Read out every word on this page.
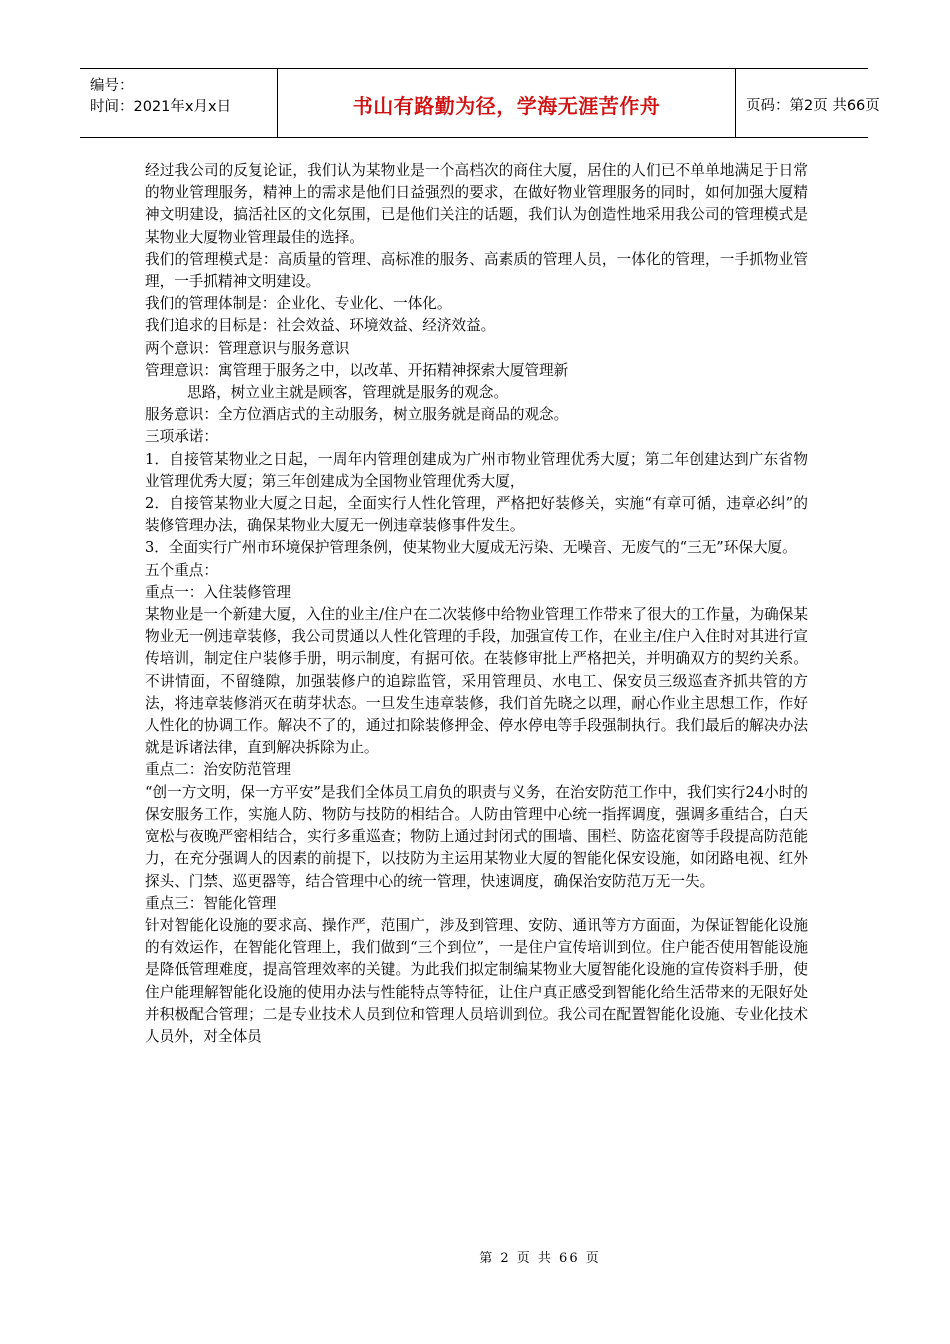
编号：
时间：2021年x月x日	书山有路勤为径，学海无涯苦作舟	页码：第2页 共66页

经过我公司的反复论证，我们认为某物业是一个高档次的商住大厦，居住的人们已不单单地满足于日常的物业管理服务，精神上的需求是他们日益强烈的要求，在做好物业管理服务的同时，如何加强大厦精神文明建设，搞活社区的文化氛围，已是他们关注的话题，我们认为创造性地采用我公司的管理模式是某物业大厦物业管理最佳的选择。

我们的管理模式是：高质量的管理、高标准的服务、高素质的管理人员，一体化的管理，一手抓物业管理，一手抓精神文明建设。

我们的管理体制是：企业化、专业化、一体化。

我们追求的目标是：社会效益、环境效益、经济效益。

两个意识：管理意识与服务意识

管理意识：寓管理于服务之中，以改革、开拓精神探索大厦管理新

思路，树立业主就是顾客，管理就是服务的观念。

服务意识：全方位酒店式的主动服务，树立服务就是商品的观念。

三项承诺：

1．自接管某物业之日起，一周年内管理创建成为广州市物业管理优秀大厦；第二年创建达到广东省物业管理优秀大厦；第三年创建成为全国物业管理优秀大厦，

2．自接管某物业大厦之日起，全面实行人性化管理，严格把好装修关，实施“有章可循，违章必纠”的装修管理办法，确保某物业大厦无一例违章装修事件发生。

3．全面实行广州市环境保护管理条例，使某物业大厦成无污染、无噪音、无废气的“三无”环保大厦。

五个重点：

重点一：入住装修管理

某物业是一个新建大厦，入住的业主/住户在二次装修中给物业管理工作带来了很大的工作量，为确保某物业无一例违章装修，我公司贯通以人性化管理的手段，加强宣传工作，在业主/住户入住时对其进行宣传培训，制定住户装修手册，明示制度，有据可依。在装修审批上严格把关，并明确双方的契约关系。不讲情面，不留缝隙，加强装修户的追踪监管，采用管理员、水电工、保安员三级巡查齐抓共管的方法，将违章装修消灭在萌芽状态。一旦发生违章装修，我们首先晓之以理，耐心作业主思想工作，作好人性化的协调工作。解决不了的，通过扣除装修押金、停水停电等手段强制执行。我们最后的解决办法就是诉诸法律，直到解决拆除为止。

重点二：治安防范管理

“创一方文明，保一方平安”是我们全体员工肩负的职责与义务，在治安防范工作中，我们实行24小时的保安服务工作，实施人防、物防与技防的相结合。人防由管理中心统一指挥调度，强调多重结合，白天宽松与夜晚严密相结合，实行多重巡查；物防上通过封闭式的围墙、围栏、防盗花窗等手段提高防范能力，在充分强调人的因素的前提下，以技防为主运用某物业大厦的智能化保安设施，如闭路电视、红外探头、门禁、巡更器等，结合管理中心的统一管理，快速调度，确保治安防范万无一失。

重点三：智能化管理

针对智能化设施的要求高、操作严，范围广，涉及到管理、安防、通讯等方方面面，为保证智能化设施的有效运作，在智能化管理上，我们做到“三个到位”，一是住户宣传培训到位。住户能否使用智能设施是降低管理难度，提高管理效率的关键。为此我们拟定制编某物业大厦智能化设施的宣传资料手册，使住户能理解智能化设施的使用办法与性能特点等特征，让住户真正感受到智能化给生活带来的无限好处并积极配合管理；二是专业技术人员到位和管理人员培训到位。我公司在配置智能化设施、专业化技术人员外，对全体员

第 2 页 共 66 页
